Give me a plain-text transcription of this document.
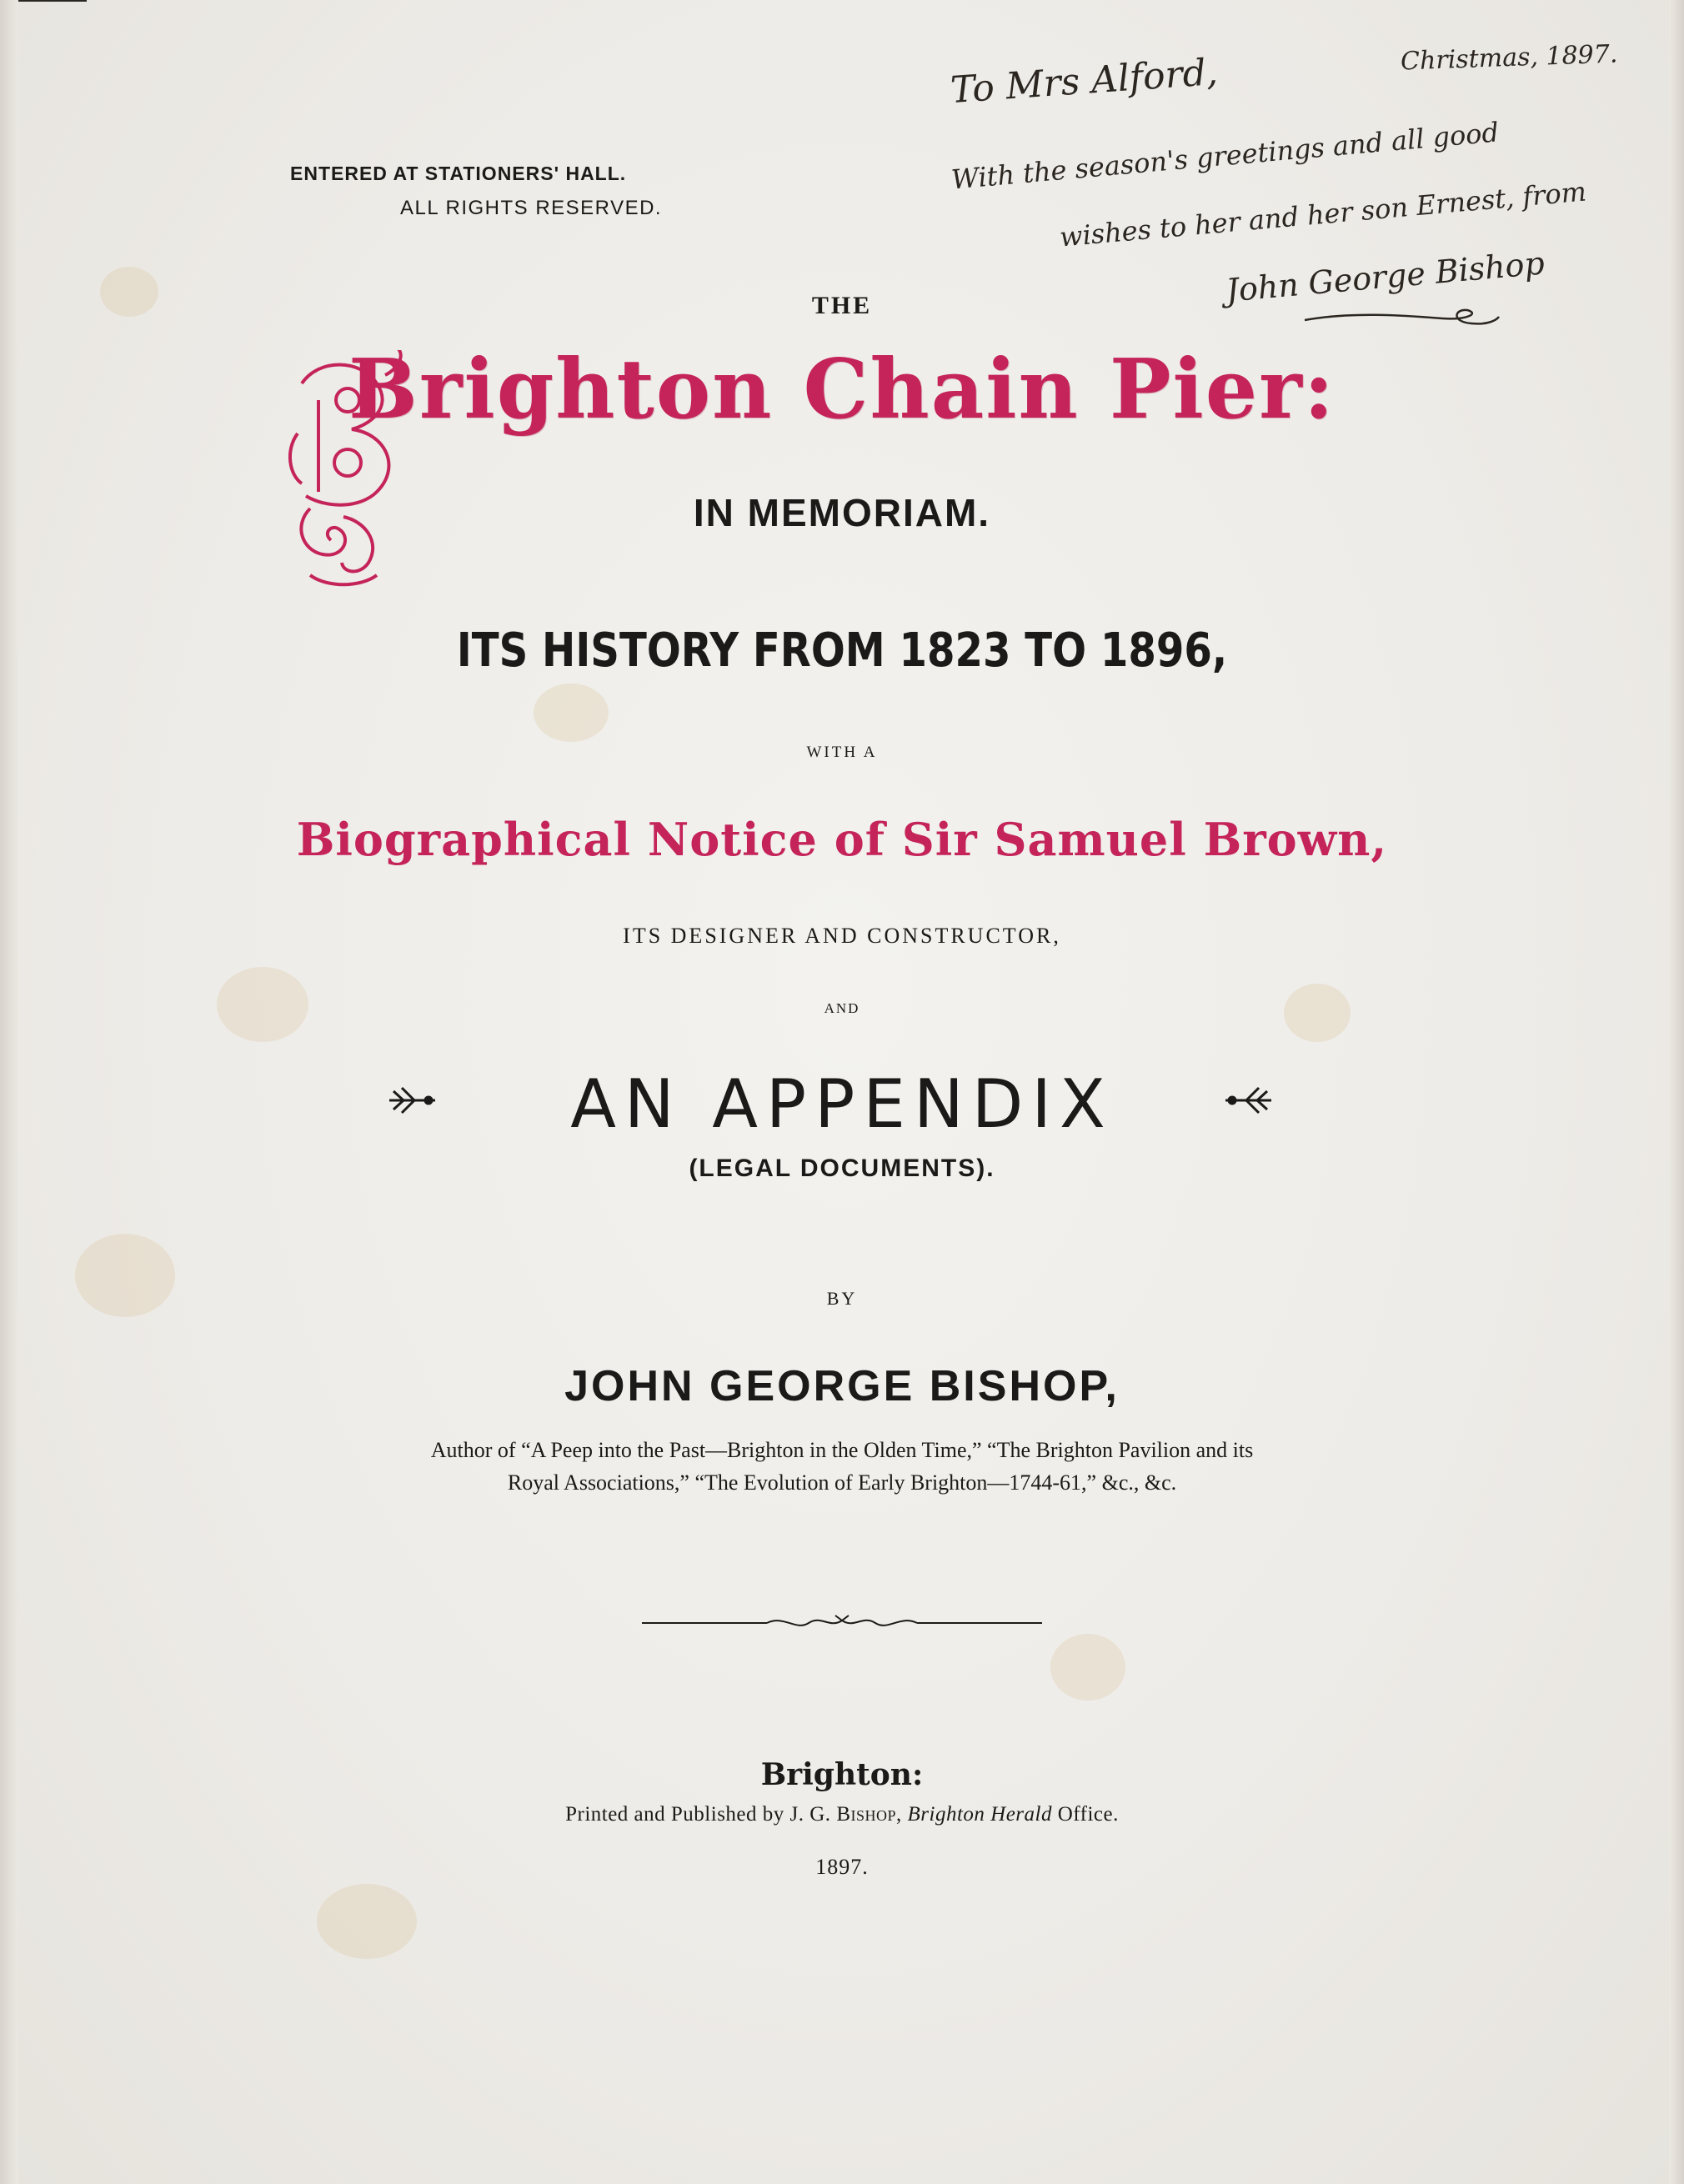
ENTERED AT STATIONERS' HALL.
ALL RIGHTS RESERVED.
Christmas, 1897.
To Mrs Alford,
With the season's greetings and all good
wishes to her and her son Ernest, from
John George Bishop
THE
Brighton Chain Pier:
IN MEMORIAM.
ITS HISTORY FROM 1823 TO 1896,
WITH A
Biographical Notice of Sir Samuel Brown,
ITS DESIGNER AND CONSTRUCTOR,
AND
AN APPENDIX
(LEGAL DOCUMENTS).
BY
JOHN GEORGE BISHOP,
Author of “A Peep into the Past—Brighton in the Olden Time,” “The Brighton Pavilion and its
Royal Associations,” “The Evolution of Early Brighton—1744-61,” &c., &c.
Brighton:
Printed and Published by J. G. Bishop, Brighton Herald Office.
1897.
